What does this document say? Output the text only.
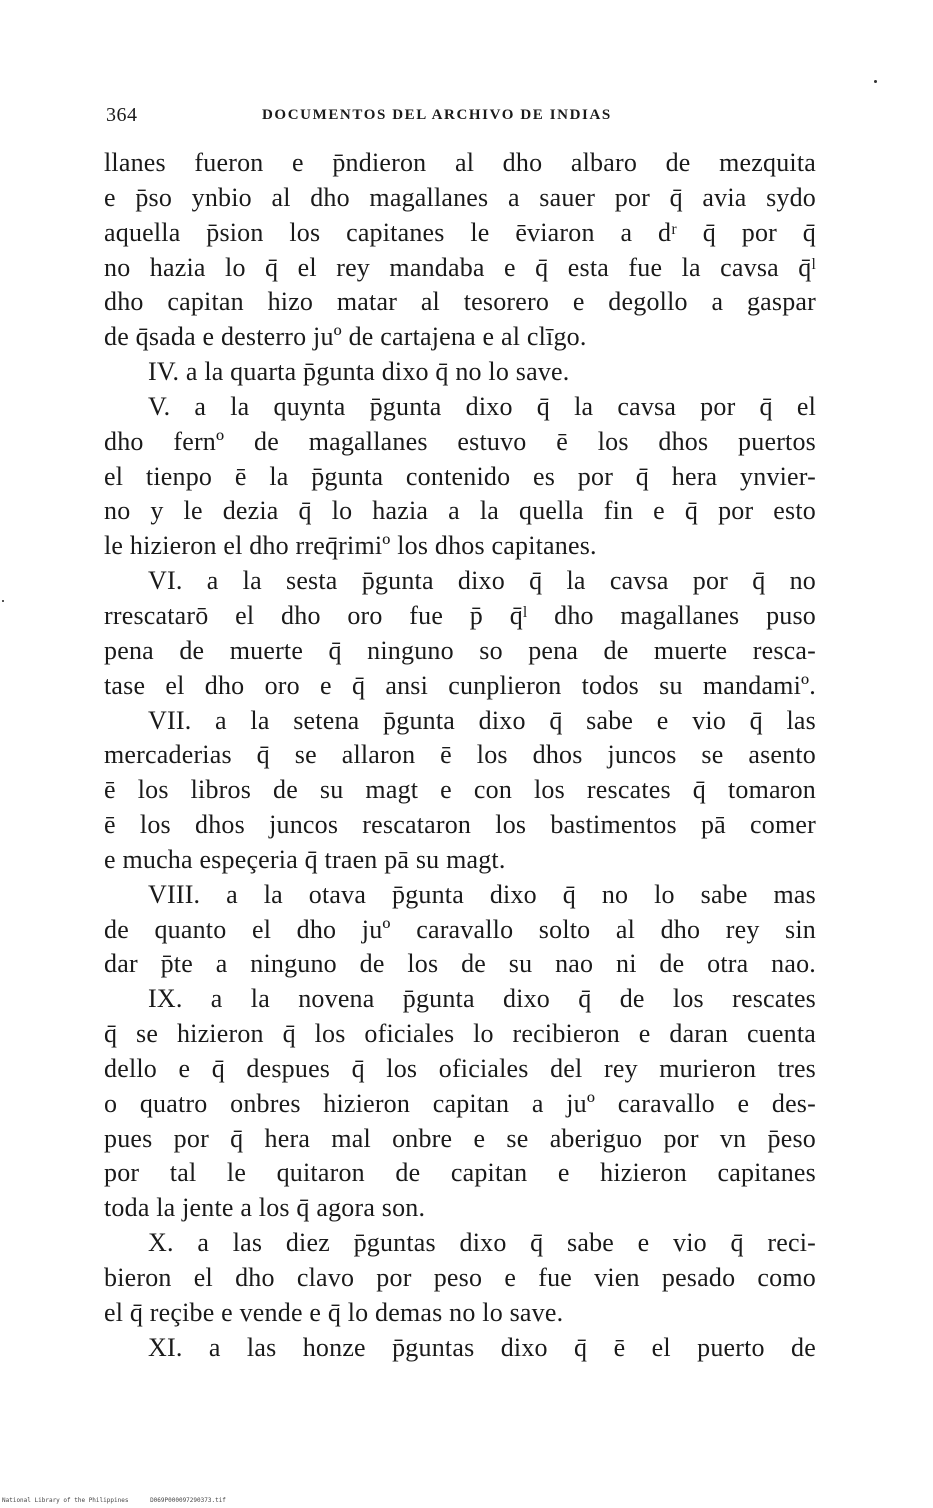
364	DOCUMENTOS DEL ARCHIVO DE INDIAS
llanes fueron e p̄ndieron al dho albaro de mezquita
e p̄so ynbio al dho magallanes a sauer por q̄ avia sydo
aquella p̄sion los capitanes le ēviaron a dʳ q̄ por q̄
no hazia lo q̄ el rey mandaba e q̄ esta fue la cavsa q̄ˡ
dho capitan hizo matar al tesorero e degollo a gaspar
de q̄sada e desterro juº de cartajena e al clīgo.
IV. a la quarta p̄gunta dixo q̄ no lo save.
V. a la quynta p̄gunta dixo q̄ la cavsa por q̄ el
dho fernº de magallanes estuvo ē los dhos puertos
el tienpo ē la p̄gunta contenido es por q̄ hera ynvier-
no y le dezia q̄ lo hazia a la quella fin e q̄ por esto
le hizieron el dho rreq̄rimiº los dhos capitanes.
VI. a la sesta p̄gunta dixo q̄ la cavsa por q̄ no
rrescatarō el dho oro fue p̄ q̄ˡ dho magallanes puso
pena de muerte q̄ ninguno so pena de muerte resca-
tase el dho oro e q̄ ansi cunplieron todos su mandamiº.
VII. a la setena p̄gunta dixo q̄ sabe e vio q̄ las
mercaderias q̄ se allaron ē los dhos juncos se asento
ē los libros de su magt e con los rescates q̄ tomaron
ē los dhos juncos rescataron los bastimentos pā comer
e mucha espeçeria q̄ traen pā su magt.
VIII. a la otava p̄gunta dixo q̄ no lo sabe mas
de quanto el dho juº caravallo solto al dho rey sin
dar p̄te a ninguno de los de su nao ni de otra nao.
IX. a la novena p̄gunta dixo q̄ de los rescates
q̄ se hizieron q̄ los oficiales lo recibieron e daran cuenta
dello e q̄ despues q̄ los oficiales del rey murieron tres
o quatro onbres hizieron capitan a juº caravallo e des-
pues por q̄ hera mal onbre e se aberiguo por vn p̄eso
por tal le quitaron de capitan e hizieron capitanes
toda la jente a los q̄ agora son.
X. a las diez p̄guntas dixo q̄ sabe e vio q̄ reci-
bieron el dho clavo por peso e fue vien pesado como
el q̄ reçibe e vende e q̄ lo demas no lo save.
XI. a las honze p̄guntas dixo q̄ ē el puerto de
National Library of the Philippines	D069P000097290373.tif
